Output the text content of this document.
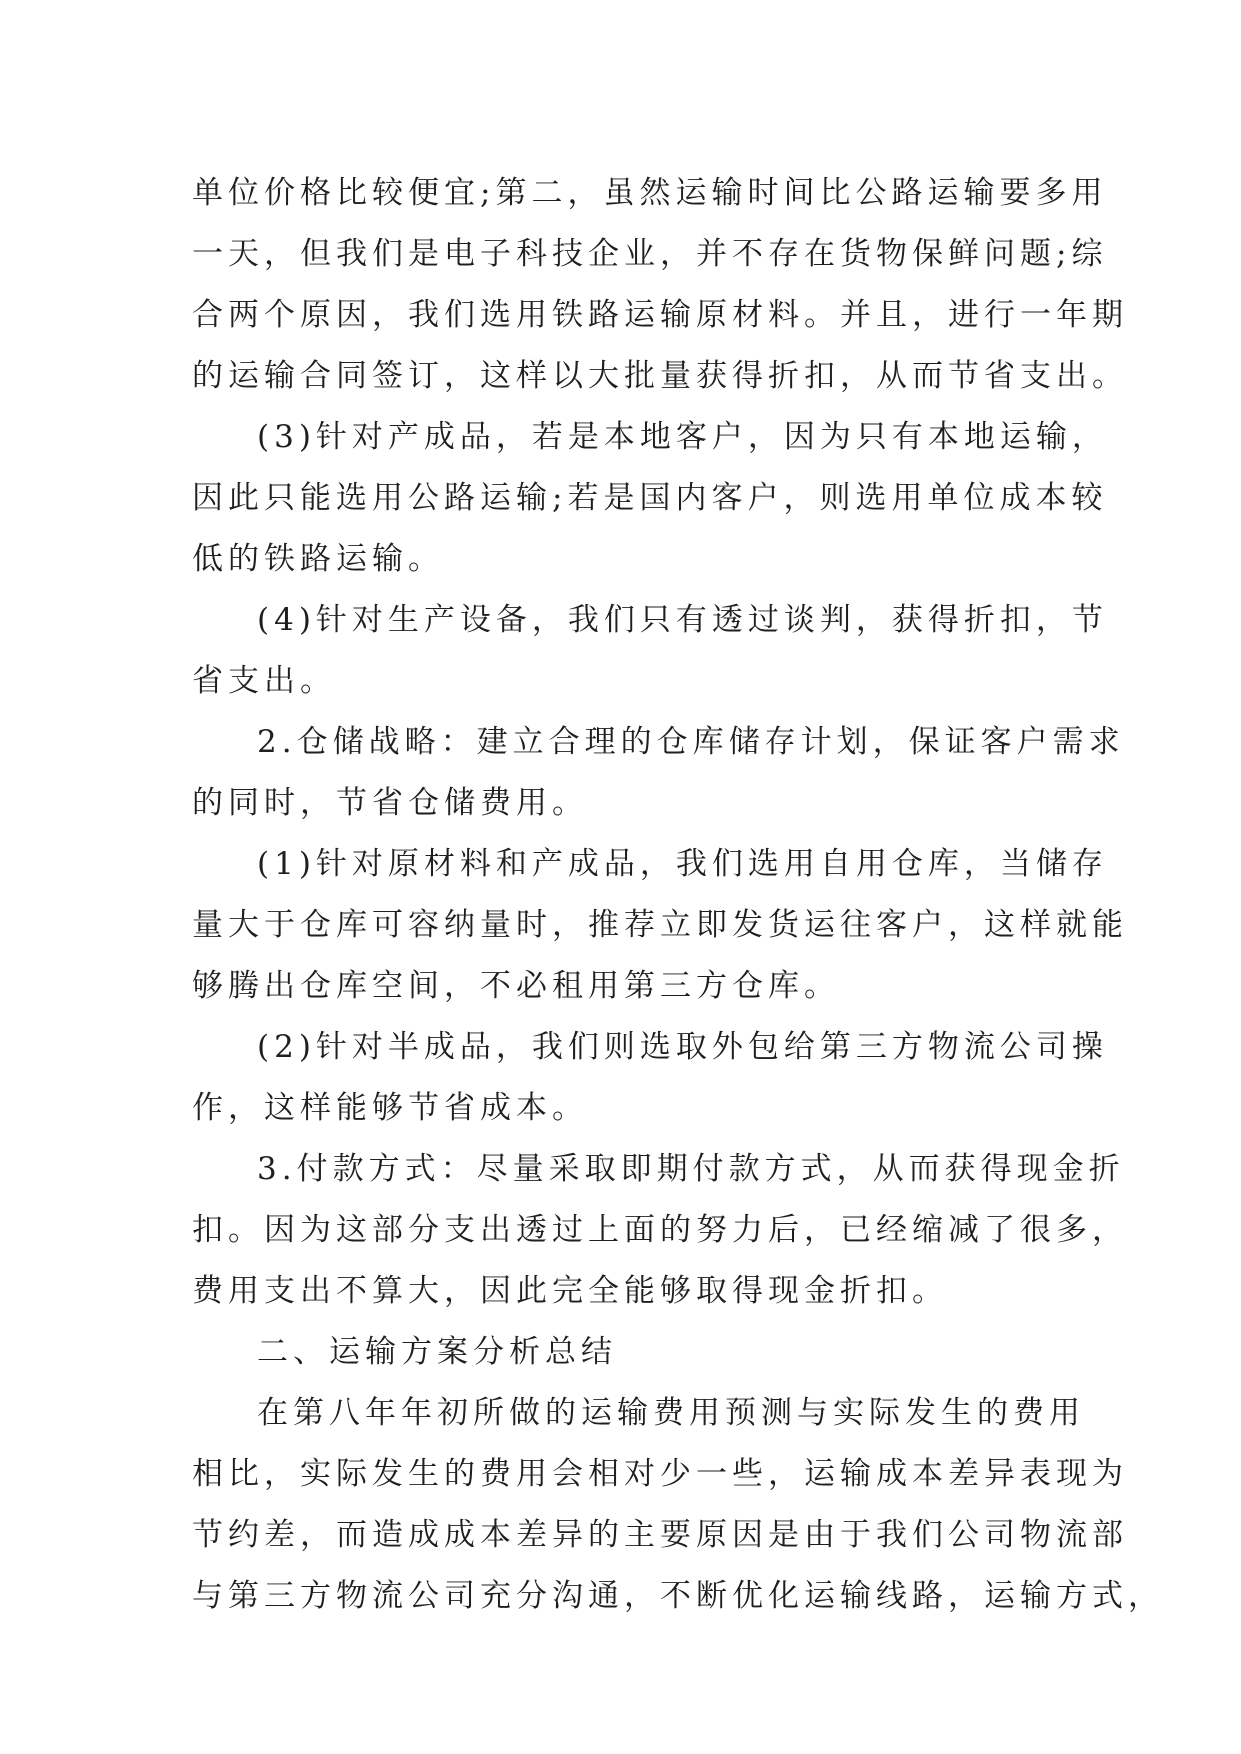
单位价格比较便宜;第二，虽然运输时间比公路运输要多用
一天，但我们是电子科技企业，并不存在货物保鲜问题;综
合两个原因，我们选用铁路运输原材料。并且，进行一年期
的运输合同签订，这样以大批量获得折扣，从而节省支出。
(3)针对产成品，若是本地客户，因为只有本地运输，
因此只能选用公路运输;若是国内客户，则选用单位成本较
低的铁路运输。
(4)针对生产设备，我们只有透过谈判，获得折扣，节
省支出。
2.仓储战略：建立合理的仓库储存计划，保证客户需求
的同时，节省仓储费用。
(1)针对原材料和产成品，我们选用自用仓库，当储存
量大于仓库可容纳量时，推荐立即发货运往客户，这样就能
够腾出仓库空间，不必租用第三方仓库。
(2)针对半成品，我们则选取外包给第三方物流公司操
作，这样能够节省成本。
3.付款方式：尽量采取即期付款方式，从而获得现金折
扣。因为这部分支出透过上面的努力后，已经缩减了很多，
费用支出不算大，因此完全能够取得现金折扣。
二、运输方案分析总结
在第八年年初所做的运输费用预测与实际发生的费用
相比，实际发生的费用会相对少一些，运输成本差异表现为
节约差，而造成成本差异的主要原因是由于我们公司物流部
与第三方物流公司充分沟通，不断优化运输线路，运输方式，
